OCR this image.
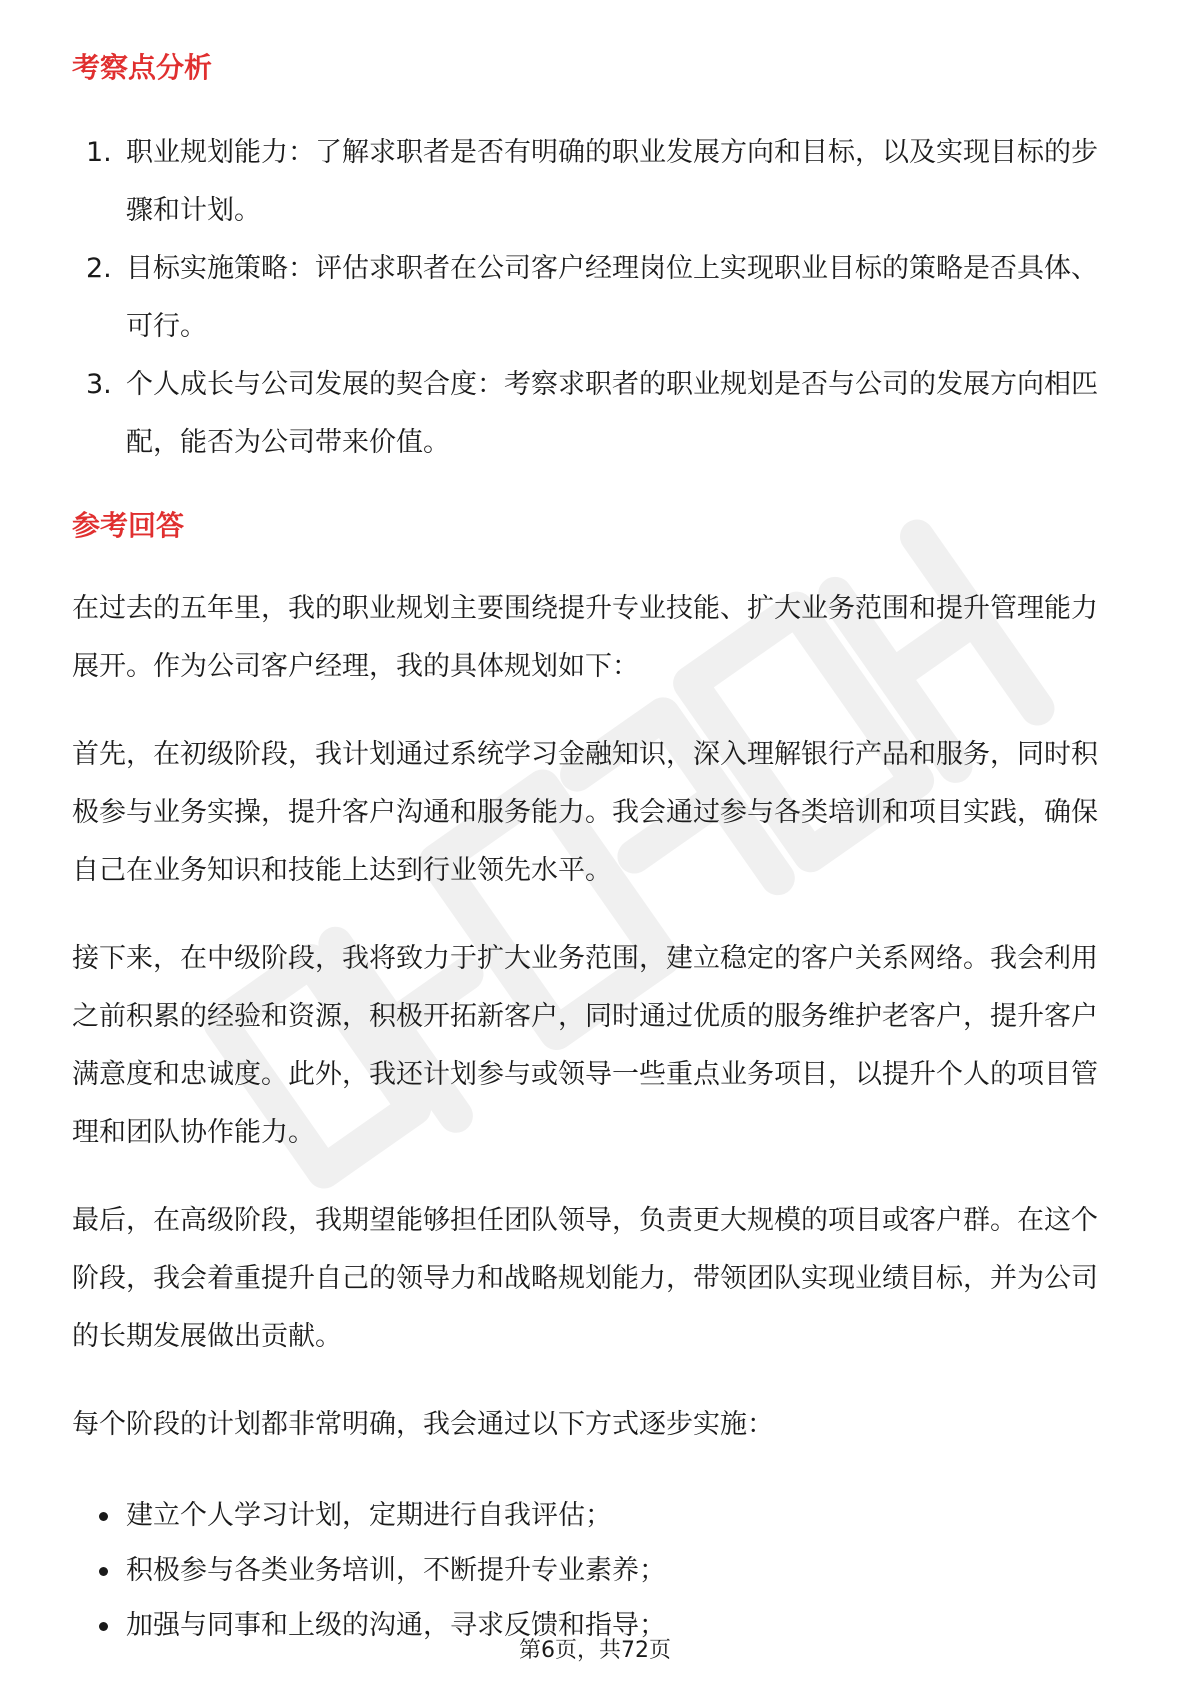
考察点分析
1. 职业规划能力：了解求职者是否有明确的职业发展方向和目标，以及实现目标的步骤和计划。
2. 目标实施策略：评估求职者在公司客户经理岗位上实现职业目标的策略是否具体、可行。
3. 个人成长与公司发展的契合度：考察求职者的职业规划是否与公司的发展方向相匹配，能否为公司带来价值。
参考回答

在过去的五年里，我的职业规划主要围绕提升专业技能、扩大业务范围和提升管理能力展开。作为公司客户经理，我的具体规划如下：

首先，在初级阶段，我计划通过系统学习金融知识，深入理解银行产品和服务，同时积极参与业务实操，提升客户沟通和服务能力。我会通过参与各类培训和项目实践，确保自己在业务知识和技能上达到行业领先水平。

接下来，在中级阶段，我将致力于扩大业务范围，建立稳定的客户关系网络。我会利用之前积累的经验和资源，积极开拓新客户，同时通过优质的服务维护老客户，提升客户满意度和忠诚度。此外，我还计划参与或领导一些重点业务项目，以提升个人的项目管理和团队协作能力。

最后，在高级阶段，我期望能够担任团队领导，负责更大规模的项目或客户群。在这个阶段，我会着重提升自己的领导力和战略规划能力，带领团队实现业绩目标，并为公司的长期发展做出贡献。

每个阶段的计划都非常明确，我会通过以下方式逐步实施：

建立个人学习计划，定期进行自我评估；
积极参与各类业务培训，不断提升专业素养；
加强与同事和上级的沟通，寻求反馈和指导；
第6页，共72页
